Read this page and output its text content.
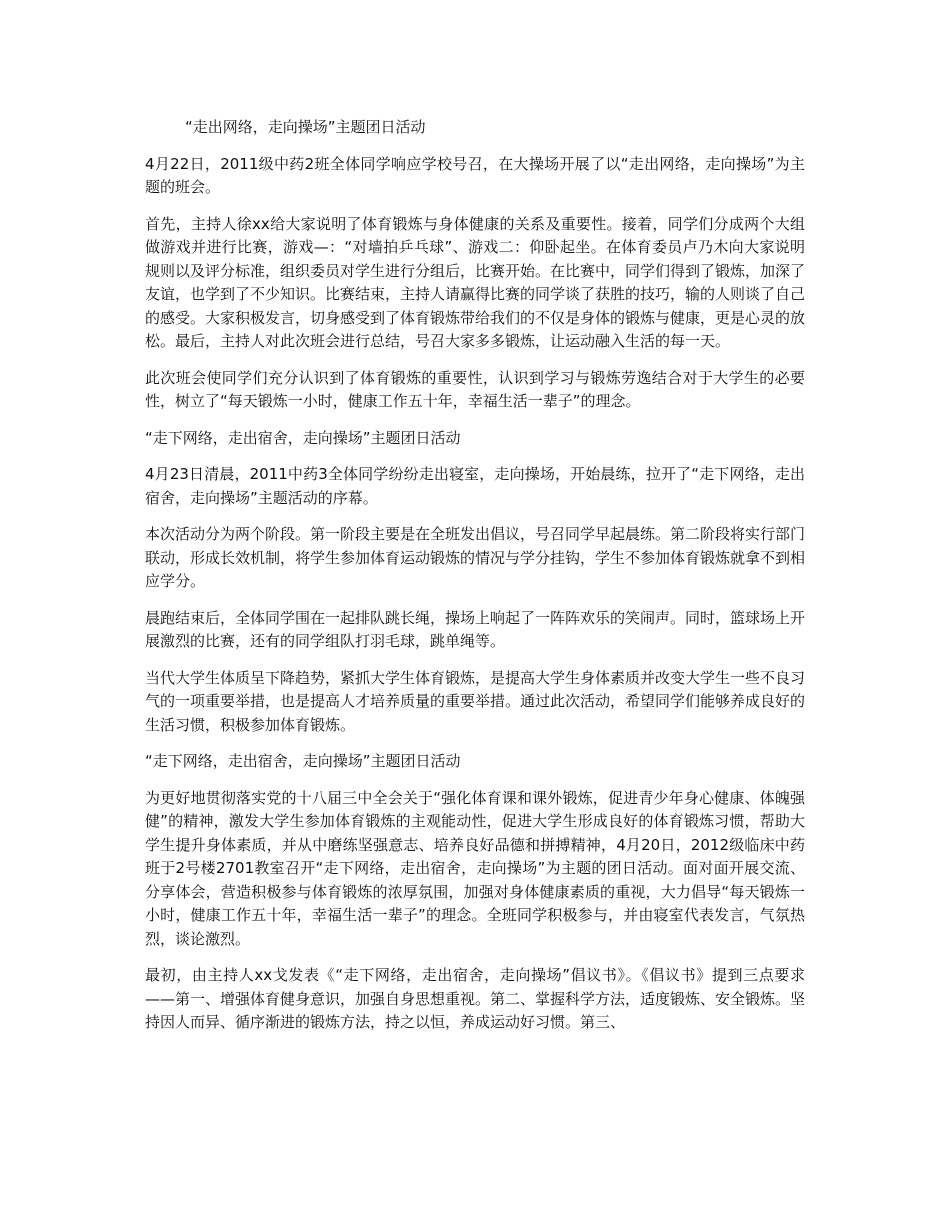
“走出网络，走向操场”主题团日活动

4月22日，2011级中药2班全体同学响应学校号召，在大操场开展了以“走出网络，走向操场”为主题的班会。

首先，主持人徐xx给大家说明了体育锻炼与身体健康的关系及重要性。接着，同学们分成两个大组做游戏并进行比赛，游戏—：“对墙拍乒乓球”、游戏二：仰卧起坐。在体育委员卢乃木向大家说明规则以及评分标准，组织委员对学生进行分组后，比赛开始。在比赛中，同学们得到了锻炼，加深了友谊，也学到了不少知识。比赛结束，主持人请赢得比赛的同学谈了获胜的技巧，输的人则谈了自己的感受。大家积极发言，切身感受到了体育锻炼带给我们的不仅是身体的锻炼与健康，更是心灵的放松。最后，主持人对此次班会进行总结，号召大家多多锻炼，让运动融入生活的每一天。

此次班会使同学们充分认识到了体育锻炼的重要性，认识到学习与锻炼劳逸结合对于大学生的必要性，树立了“每天锻炼一小时，健康工作五十年，幸福生活一辈子”的理念。

“走下网络，走出宿舍，走向操场”主题团日活动

4月23日清晨，2011中药3全体同学纷纷走出寝室，走向操场，开始晨练，拉开了“走下网络，走出宿舍，走向操场”主题活动的序幕。

本次活动分为两个阶段。第一阶段主要是在全班发出倡议，号召同学早起晨练。第二阶段将实行部门联动，形成长效机制，将学生参加体育运动锻炼的情况与学分挂钩，学生不参加体育锻炼就拿不到相应学分。

晨跑结束后，全体同学围在一起排队跳长绳，操场上响起了一阵阵欢乐的笑闹声。同时，篮球场上开展激烈的比赛，还有的同学组队打羽毛球，跳单绳等。

当代大学生体质呈下降趋势，紧抓大学生体育锻炼，是提高大学生身体素质并改变大学生一些不良习气的一项重要举措，也是提高人才培养质量的重要举措。通过此次活动，希望同学们能够养成良好的生活习惯，积极参加体育锻炼。

“走下网络，走出宿舍，走向操场”主题团日活动

为更好地贯彻落实党的十八届三中全会关于“强化体育课和课外锻炼，促进青少年身心健康、体魄强健”的精神，激发大学生参加体育锻炼的主观能动性，促进大学生形成良好的体育锻炼习惯，帮助大学生提升身体素质，并从中磨练坚强意志、培养良好品德和拼搏精神，4月20日，2012级临床中药班于2号楼2701教室召开“走下网络，走出宿舍，走向操场”为主题的团日活动。面对面开展交流、分享体会，营造积极参与体育锻炼的浓厚氛围，加强对身体健康素质的重视，大力倡导“每天锻炼一小时，健康工作五十年，幸福生活一辈子”的理念。全班同学积极参与，并由寝室代表发言，气氛热烈，谈论激烈。

最初，由主持人xx戈发表《“走下网络，走出宿舍，走向操场”倡议书》。《倡议书》提到三点要求——第一、增强体育健身意识，加强自身思想重视。第二、掌握科学方法，适度锻炼、安全锻炼。坚持因人而异、循序渐进的锻炼方法，持之以恒，养成运动好习惯。第三、
